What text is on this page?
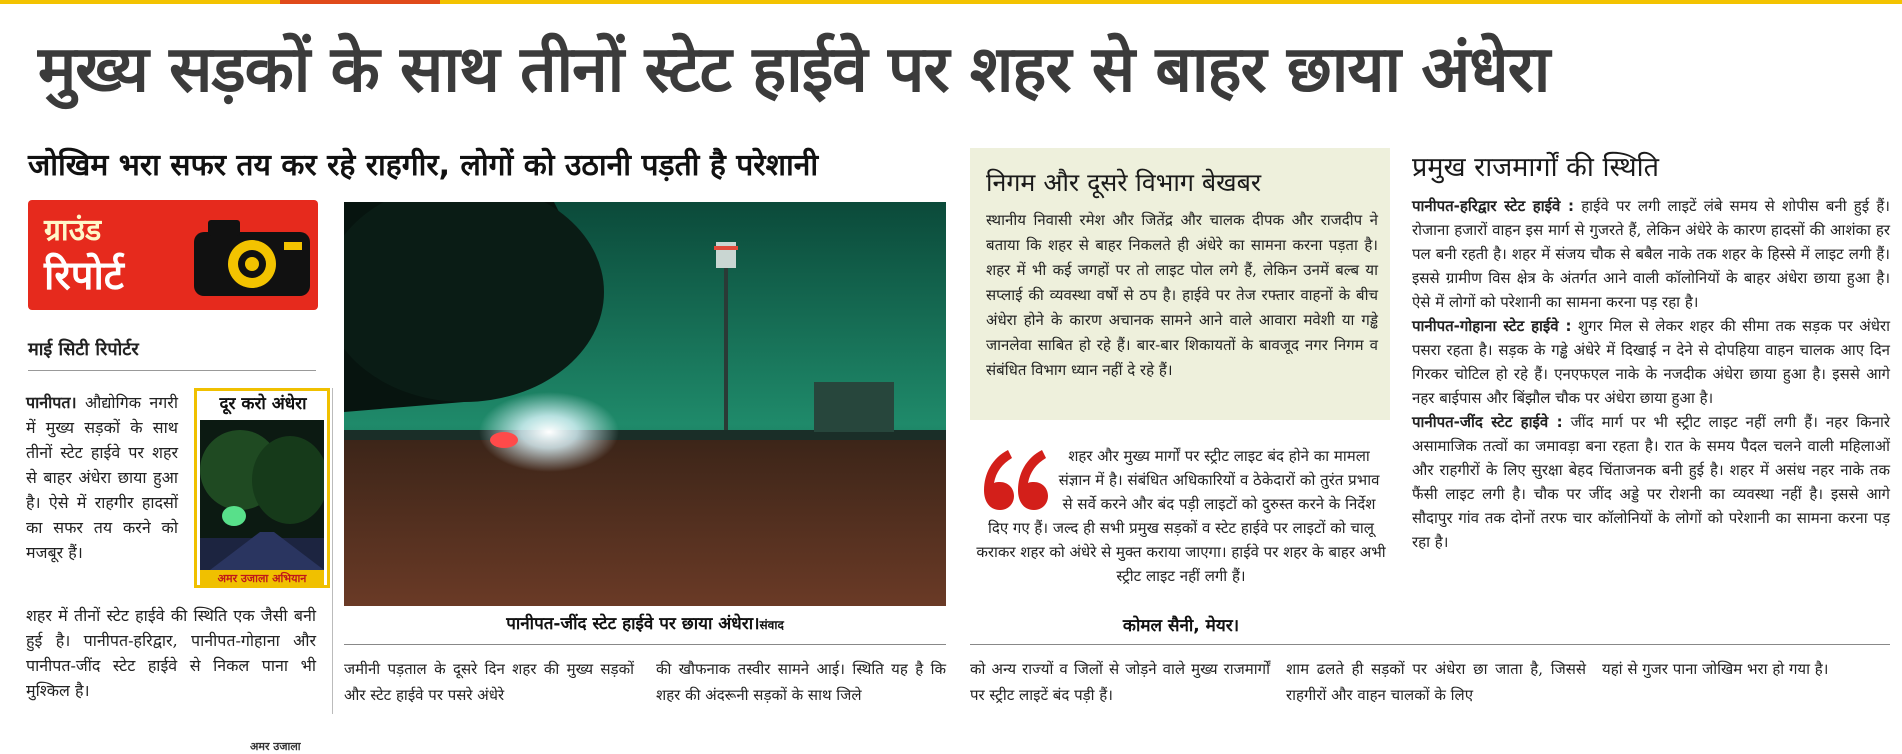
मुख्य सड़कों के साथ तीनों स्टेट हाईवे पर शहर से बाहर छाया अंधेरा
जोखिम भरा सफर तय कर रहे राहगीर, लोगों को उठानी पड़ती है परेशानी
ग्राउंड
रिपोर्ट
माई सिटी रिपोर्टर
पानीपत। औद्योगिक नगरी में मुख्य सड़कों के साथ तीनों स्टेट हाईवे पर शहर से बाहर अंधेरा छाया हुआ है। ऐसे में राहगीर हादसों का सफर तय करने को मजबूर हैं।
शहर में तीनों स्टेट हाईवे की स्थिति एक जैसी बनी हुई है। पानीपत-हरिद्वार, पानीपत-गोहाना और पानीपत-जींद स्टेट हाईवे से निकल पाना भी मुश्किल है।
दूर करो अंधेरा
अमर उजाला अभियान
पानीपत-जींद स्टेट हाईवे पर छाया अंधेरा।संवाद
जमीनी पड़ताल के दूसरे दिन शहर की मुख्य सड़कों और स्टेट हाईवे पर पसरे अंधेरे
की खौफनाक तस्वीर सामने आई। स्थिति यह है कि शहर की अंदरूनी सड़कों के साथ जिले
निगम और दूसरे विभाग बेखबर
स्थानीय निवासी रमेश और जितेंद्र और चालक दीपक और राजदीप ने बताया कि शहर से बाहर निकलते ही अंधेरे का सामना करना पड़ता है। शहर में भी कई जगहों पर तो लाइट पोल लगे हैं, लेकिन उनमें बल्ब या सप्लाई की व्यवस्था वर्षों से ठप है। हाईवे पर तेज रफ्तार वाहनों के बीच अंधेरा होने के कारण अचानक सामने आने वाले आवारा मवेशी या गड्ढे जानलेवा साबित हो रहे हैं। बार-बार शिकायतों के बावजूद नगर निगम व संबंधित विभाग ध्यान नहीं दे रहे हैं।
शहर और मुख्य मार्गों पर स्ट्रीट लाइट बंद होने का मामला संज्ञान में है। संबंधित अधिकारियों व ठेकेदारों को तुरंत प्रभाव से सर्वे करने और बंद पड़ी लाइटों को दुरुस्त करने के निर्देश दिए गए हैं। जल्द ही सभी प्रमुख सड़कों व स्टेट हाईवे पर लाइटों को चालू कराकर शहर को अंधेरे से मुक्त कराया जाएगा। हाईवे पर शहर के बाहर अभी स्ट्रीट लाइट नहीं लगी हैं।
कोमल सैनी, मेयर।
प्रमुख राजमार्गों की स्थिति

पानीपत-हरिद्वार स्टेट हाईवे : हाईवे पर लगी लाइटें लंबे समय से शोपीस बनी हुई हैं। रोजाना हजारों वाहन इस मार्ग से गुजरते हैं, लेकिन अंधेरे के कारण हादसों की आशंका हर पल बनी रहती है। शहर में संजय चौक से बबैल नाके तक शहर के हिस्से में लाइट लगी हैं। इससे ग्रामीण विस क्षेत्र के अंतर्गत आने वाली कॉलोनियों के बाहर अंधेरा छाया हुआ है। ऐसे में लोगों को परेशानी का सामना करना पड़ रहा है।

पानीपत-गोहाना स्टेट हाईवे : शुगर मिल से लेकर शहर की सीमा तक सड़क पर अंधेरा पसरा रहता है। सड़क के गड्ढे अंधेरे में दिखाई न देने से दोपहिया वाहन चालक आए दिन गिरकर चोटिल हो रहे हैं। एनएफएल नाके के नजदीक अंधेरा छाया हुआ है। इससे आगे नहर बाईपास और बिंझौल चौक पर अंधेरा छाया हुआ है।

पानीपत-जींद स्टेट हाईवे : जींद मार्ग पर भी स्ट्रीट लाइट नहीं लगी हैं। नहर किनारे असामाजिक तत्वों का जमावड़ा बना रहता है। रात के समय पैदल चलने वाली महिलाओं और राहगीरों के लिए सुरक्षा बेहद चिंताजनक बनी हुई है। शहर में असंध नहर नाके तक फैंसी लाइट लगी है। चौक पर जींद अड्डे पर रोशनी का व्यवस्था नहीं है। इससे आगे सौदापुर गांव तक दोनों तरफ चार कॉलोनियों के लोगों को परेशानी का सामना करना पड़ रहा है।

को अन्य राज्यों व जिलों से जोड़ने वाले मुख्य राजमार्गों पर स्ट्रीट लाइटें बंद पड़ी हैं।
शाम ढलते ही सड़कों पर अंधेरा छा जाता है, जिससे राहगीरों और वाहन चालकों के लिए
यहां से गुजर पाना जोखिम भरा हो गया है।
अमर उजाला
